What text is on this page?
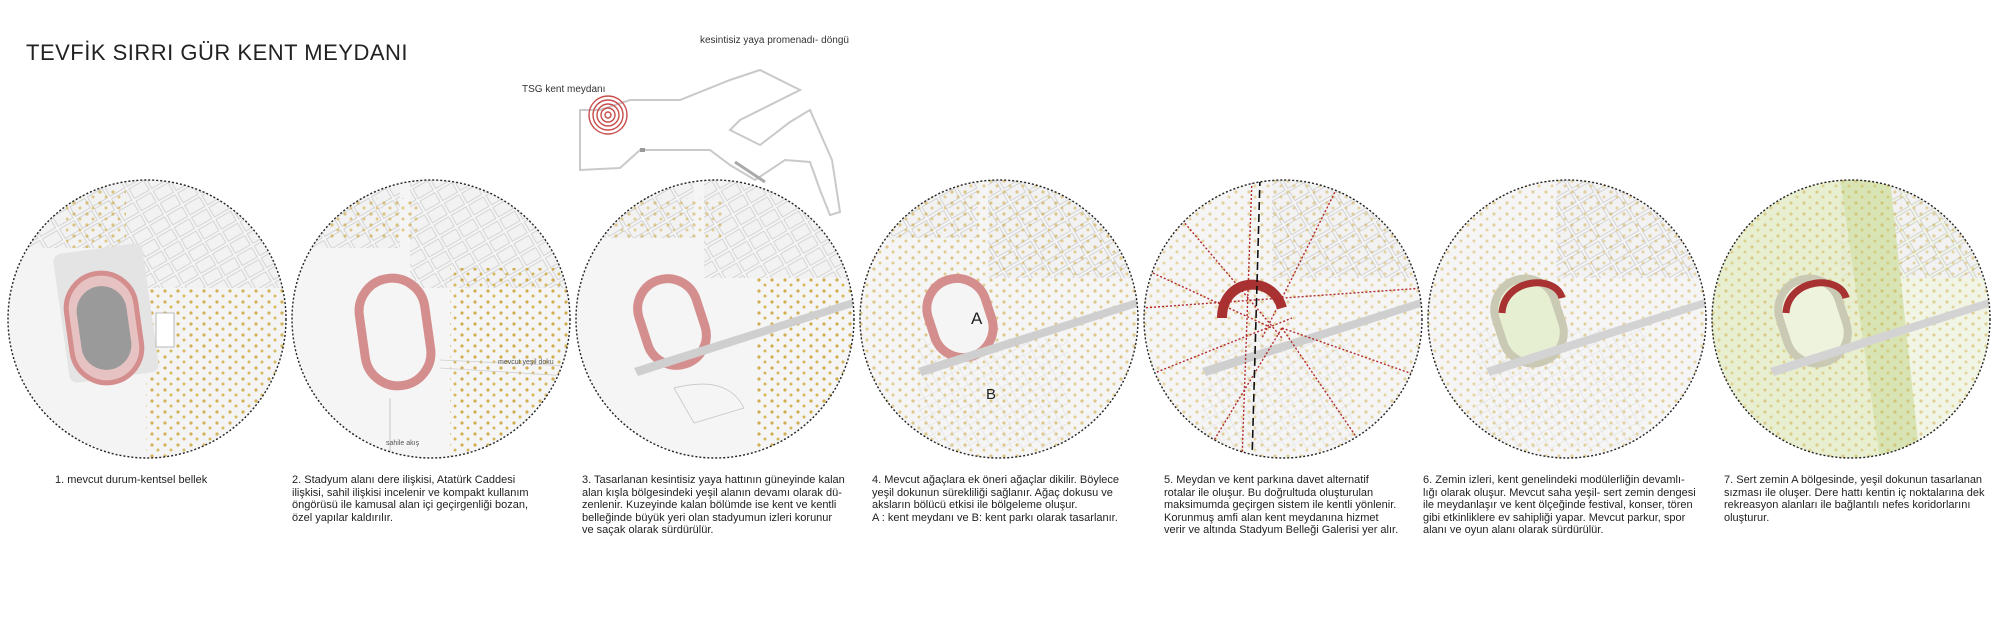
TEVFİK SIRRI GÜR KENT MEYDANI	kesintisiz yaya promenadı- döngü
TSG kent meydanı
mevcut yeşil doku
sahile akış
A
B

1. mevcut durum-kentsel bellek	2. Stadyum alanı dere ilişkisi, Atatürk Caddesi
ilişkisi, sahil ilişkisi incelenir ve kompakt kullanım
öngörüsü ile kamusal alan içi geçirgenliği bozan,
özel yapılar kaldırılır.

3. Tasarlanan kesintisiz yaya hattının güneyinde kalan
alan kışla bölgesindeki yeşil alanın devamı olarak dü-
zenlenir. Kuzeyinde kalan bölümde ise kent ve kentli
belleğinde büyük yeri olan stadyumun izleri korunur
ve saçak olarak sürdürülür.

4. Mevcut ağaçlara ek öneri ağaçlar dikilir. Böylece
yeşil dokunun sürekliliği sağlanır. Ağaç dokusu ve
aksların bölücü etkisi ile bölgeleme oluşur.
A : kent meydanı ve B: kent parkı olarak tasarlanır.

5. Meydan ve kent parkına davet alternatif
rotalar ile oluşur. Bu doğrultuda oluşturulan
maksimumda geçirgen sistem ile kentli yönlenir.
Korunmuş amfi alan kent meydanına hizmet
verir ve altında Stadyum Belleği Galerisi yer alır.

6. Zemin izleri, kent genelindeki modülerliğin devamlı-
lığı olarak oluşur. Mevcut saha yeşil- sert zemin dengesi
ile meydanlaşır ve kent ölçeğinde festival, konser, tören
gibi etkinliklere ev sahipliği yapar. Mevcut parkur, spor
alanı ve oyun alanı olarak sürdürülür.

7. Sert zemin A bölgesinde, yeşil dokunun tasarlanan
sızması ile oluşer. Dere hattı kentin iç noktalarına dek
rekreasyon alanları ile bağlantılı nefes koridorlarını
oluşturur.
